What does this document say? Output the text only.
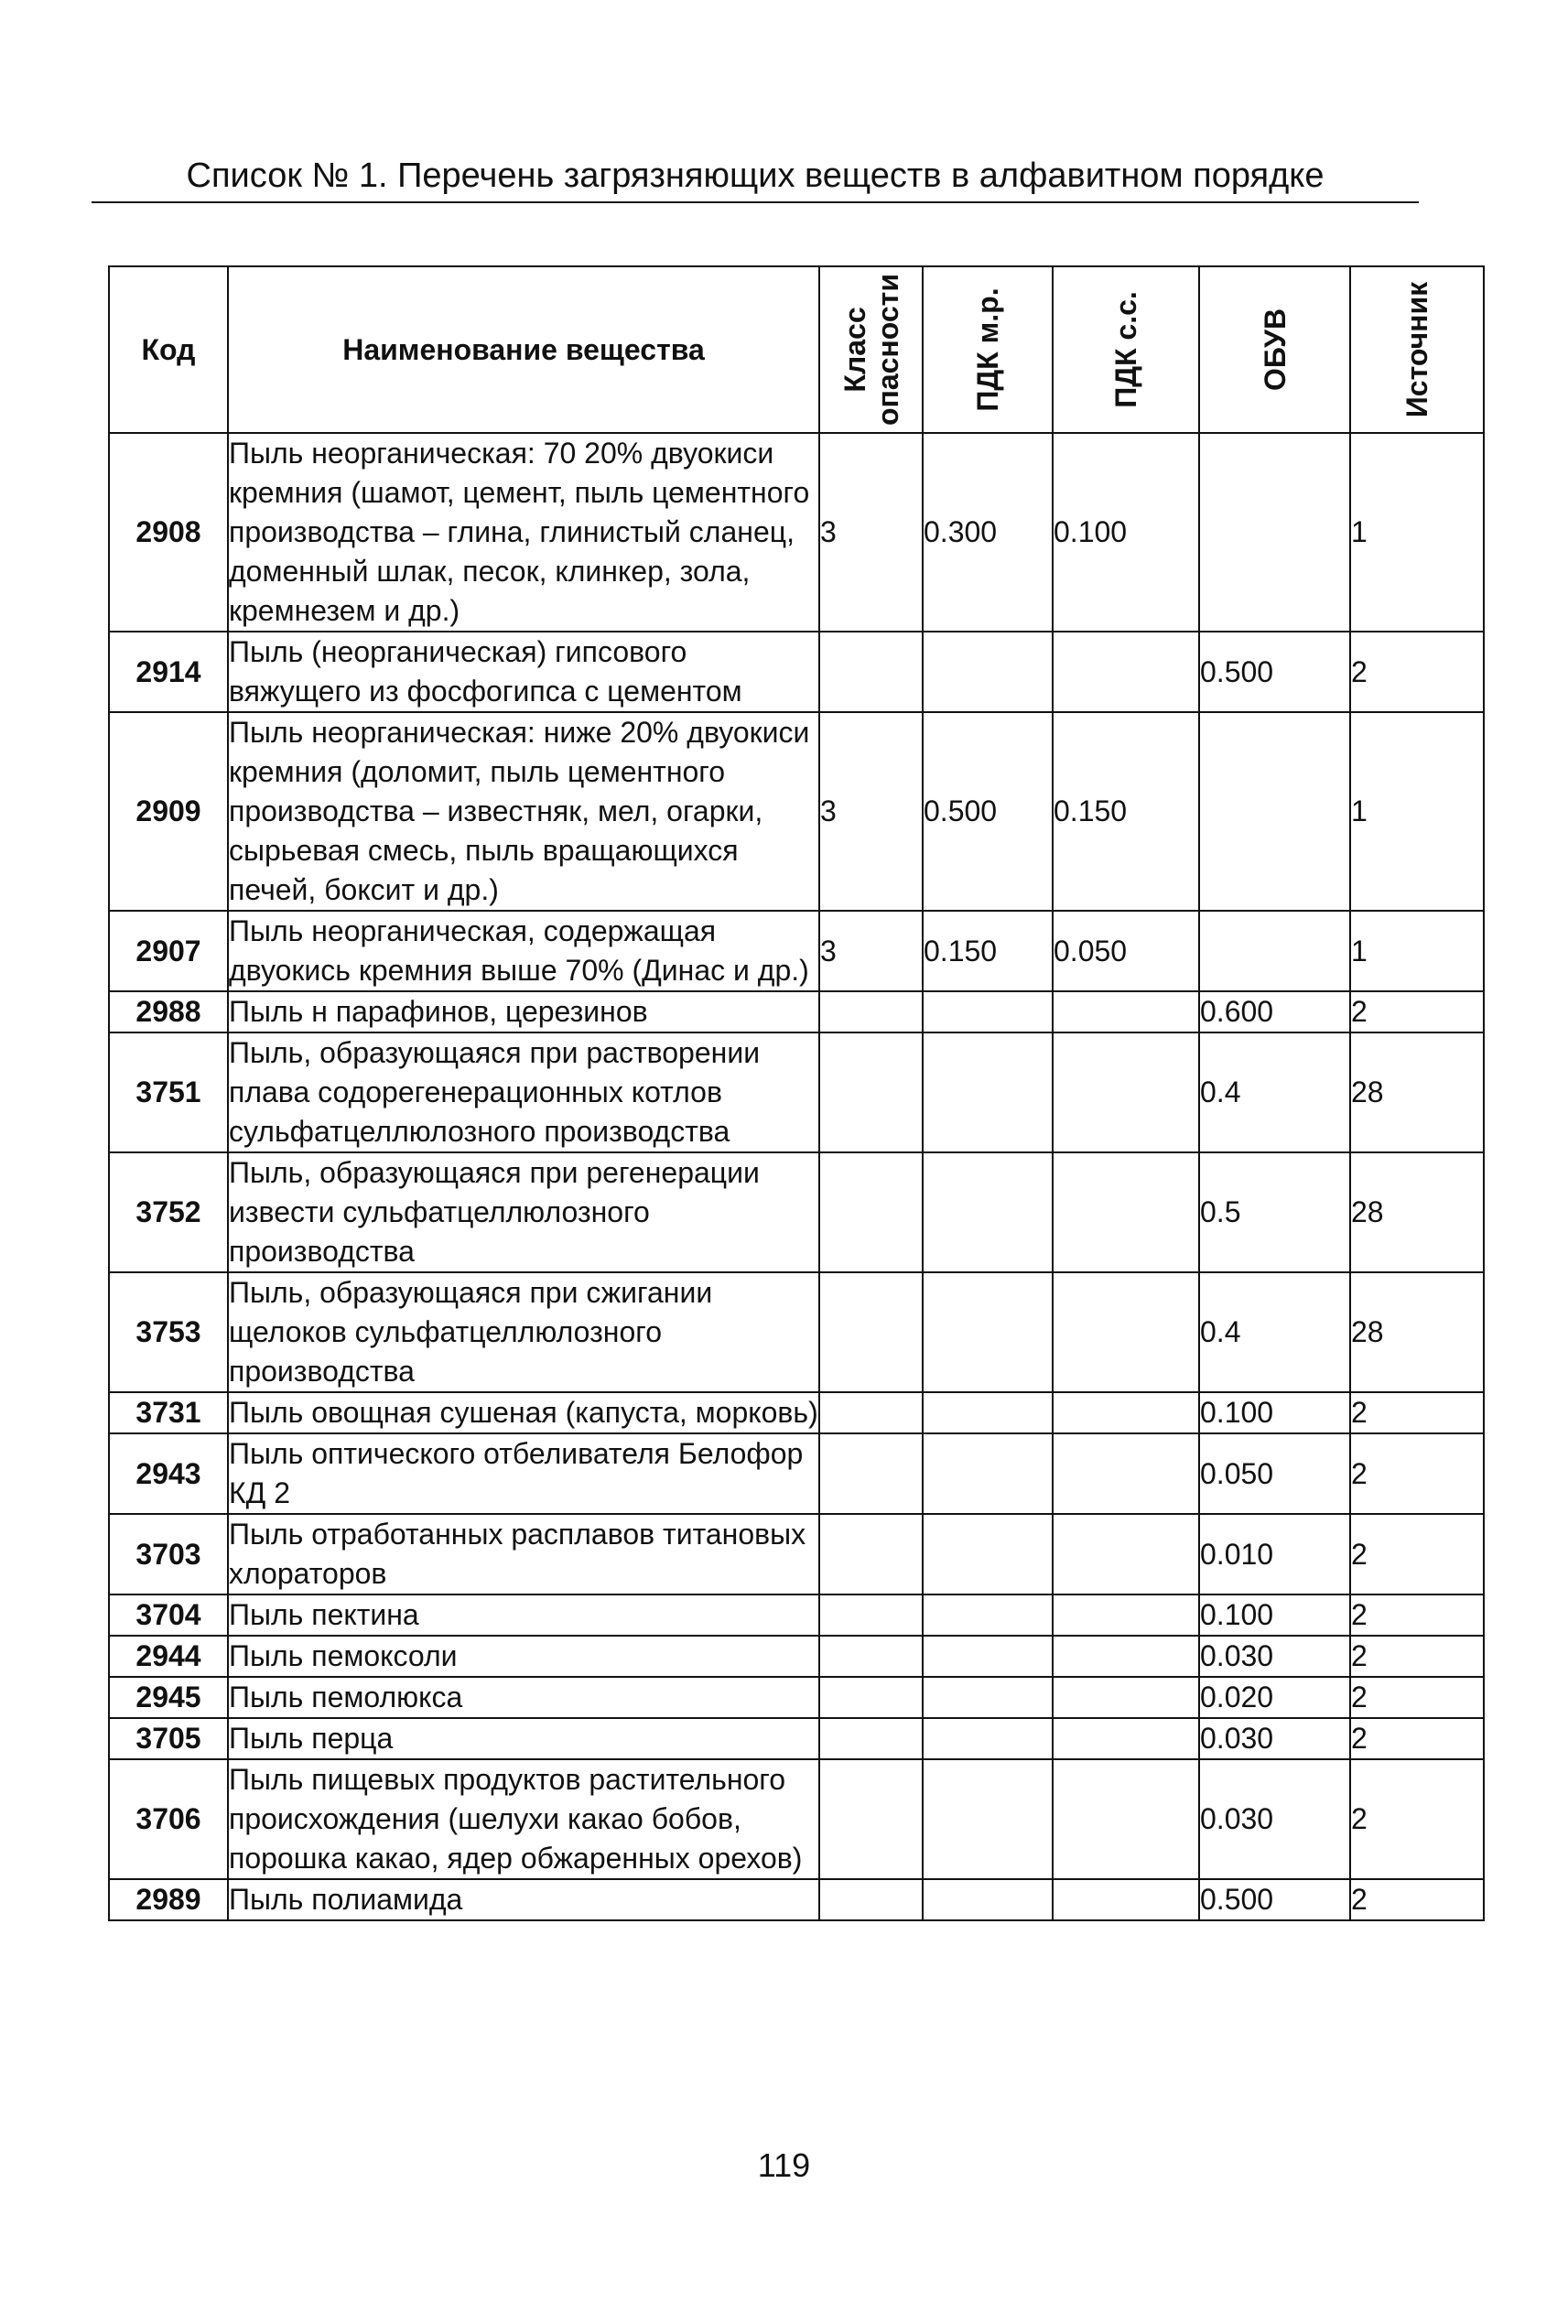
Список № 1. Перечень загрязняющих веществ в алфавитном порядке
Код	Наименование вещества	Класс опасности	ПДК м.р.	ПДК с.с.	ОБУВ	Источник

2908	Пыль неорганическая: 70 20% двуокиси кремния (шамот, цемент, пыль цементного производства – глина, глинистый сланец, доменный шлак, песок, клинкер, зола, кремнезем и др.)	3	0.300	0.100		1
2914	Пыль (неорганическая) гипсового вяжущего из фосфогипса с цементом				0.500	2
2909	Пыль неорганическая: ниже 20% двуокиси кремния (доломит, пыль цементного производства – известняк, мел, огарки, сырьевая смесь, пыль вращающихся печей, боксит и др.)	3	0.500	0.150		1
2907	Пыль неорганическая, содержащая двуокись кремния выше 70% (Динас и др.)	3	0.150	0.050		1
2988	Пыль н парафинов, церезинов				0.600	2
3751	Пыль, образующаяся при растворении плава содорегенерационных котлов сульфатцеллюлозного производства				0.4	28
3752	Пыль, образующаяся при регенерации извести сульфатцеллюлозного производства				0.5	28
3753	Пыль, образующаяся при сжигании щелоков сульфатцеллюлозного производства				0.4	28
3731	Пыль овощная сушеная (капуста, морковь)				0.100	2
2943	Пыль оптического отбеливателя Белофор КД 2				0.050	2
3703	Пыль отработанных расплавов титановых хлораторов				0.010	2
3704	Пыль пектина				0.100	2
2944	Пыль пемоксоли				0.030	2
2945	Пыль пемолюкса				0.020	2
3705	Пыль перца				0.030	2
3706	Пыль пищевых продуктов растительного происхождения (шелухи какао бобов, порошка какао, ядер обжаренных орехов)				0.030	2
2989	Пыль полиамида				0.500	2
119
